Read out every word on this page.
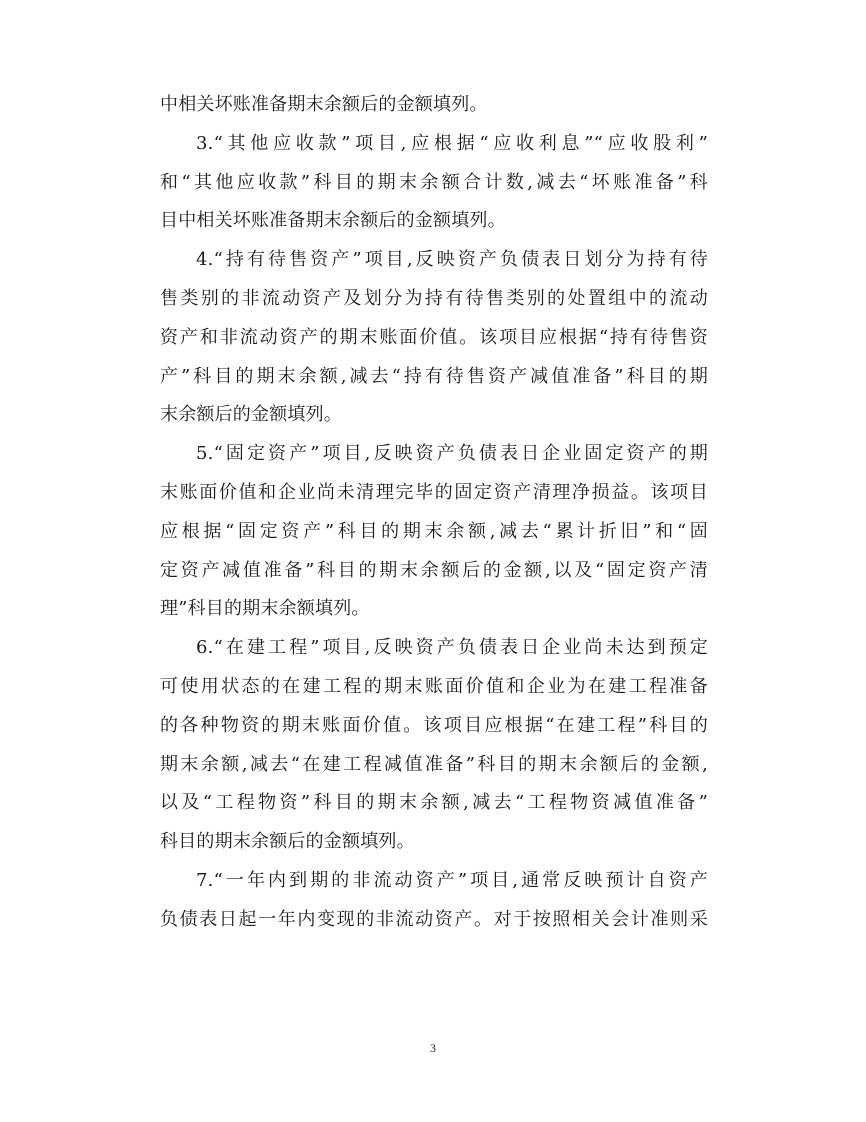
中相关坏账准备期末余额后的金额填列。
3.“其他应收款”项目,应根据“应收利息”“应收股利”
和“其他应收款”科目的期末余额合计数,减去“坏账准备”科
目中相关坏账准备期末余额后的金额填列。
4.“持有待售资产”项目,反映资产负债表日划分为持有待
售类别的非流动资产及划分为持有待售类别的处置组中的流动
资产和非流动资产的期末账面价值。该项目应根据“持有待售资
产”科目的期末余额,减去“持有待售资产减值准备”科目的期
末余额后的金额填列。
5.“固定资产”项目,反映资产负债表日企业固定资产的期
末账面价值和企业尚未清理完毕的固定资产清理净损益。该项目
应根据“固定资产”科目的期末余额,减去“累计折旧”和“固
定资产减值准备”科目的期末余额后的金额,以及“固定资产清
理”科目的期末余额填列。
6.“在建工程”项目,反映资产负债表日企业尚未达到预定
可使用状态的在建工程的期末账面价值和企业为在建工程准备
的各种物资的期末账面价值。该项目应根据“在建工程”科目的
期末余额,减去“在建工程减值准备”科目的期末余额后的金额,
以及“工程物资”科目的期末余额,减去“工程物资减值准备”
科目的期末余额后的金额填列。
7.“一年内到期的非流动资产”项目,通常反映预计自资产
负债表日起一年内变现的非流动资产。对于按照相关会计准则采
3
